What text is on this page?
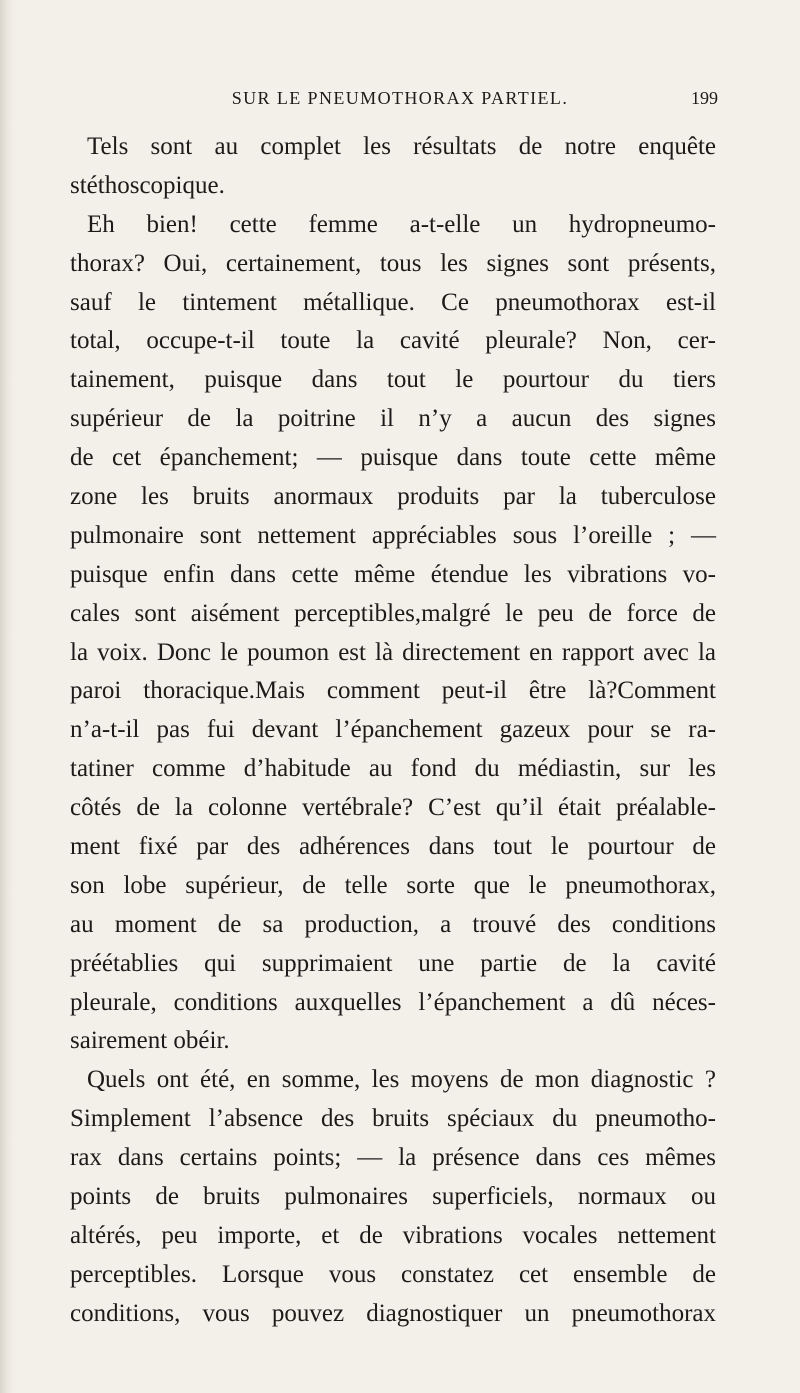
SUR LE PNEUMOTHORAX PARTIEL.	199
Tels sont au complet les résultats de notre enquête
stéthoscopique.
Eh bien! cette femme a-t-elle un hydropneumo-
thorax? Oui, certainement, tous les signes sont présents,
sauf le tintement métallique. Ce pneumothorax est-il
total, occupe-t-il toute la cavité pleurale? Non, cer-
tainement, puisque dans tout le pourtour du tiers
supérieur de la poitrine il n’y a aucun des signes
de cet épanchement; — puisque dans toute cette même
zone les bruits anormaux produits par la tuberculose
pulmonaire sont nettement appréciables sous l’oreille ; —
puisque enfin dans cette même étendue les vibrations vo-
cales sont aisément perceptibles,malgré le peu de force de
la voix. Donc le poumon est là directement en rapport avec la
paroi thoracique.Mais comment peut-il être là?Comment
n’a-t-il pas fui devant l’épanchement gazeux pour se ra-
tatiner comme d’habitude au fond du médiastin, sur les
côtés de la colonne vertébrale? C’est qu’il était préalable-
ment fixé par des adhérences dans tout le pourtour de
son lobe supérieur, de telle sorte que le pneumothorax,
au moment de sa production, a trouvé des conditions
préétablies qui supprimaient une partie de la cavité
pleurale, conditions auxquelles l’épanchement a dû néces-
sairement obéir.
Quels ont été, en somme, les moyens de mon diagnostic ?
Simplement l’absence des bruits spéciaux du pneumotho-
rax dans certains points; — la présence dans ces mêmes
points de bruits pulmonaires superficiels, normaux ou
altérés, peu importe, et de vibrations vocales nettement
perceptibles. Lorsque vous constatez cet ensemble de
conditions, vous pouvez diagnostiquer un pneumothorax
